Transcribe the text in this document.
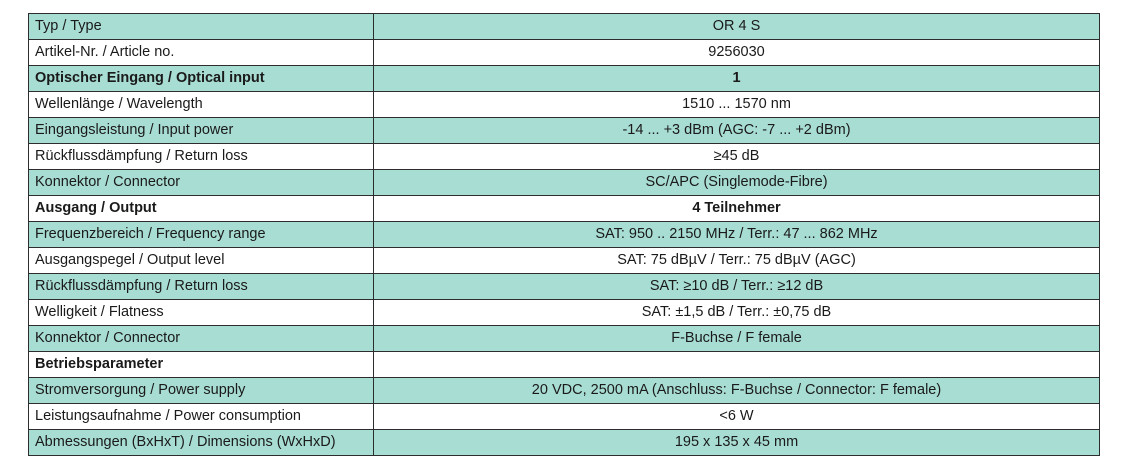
Typ / Type	OR 4 S
Artikel-Nr. / Article no.	9256030
Optischer Eingang / Optical input	1
Wellenlänge / Wavelength	1510 ... 1570 nm
Eingangsleistung / Input power	-14 ... +3 dBm (AGC: -7 ... +2 dBm)
Rückflussdämpfung / Return loss	≥45 dB
Konnektor / Connector	SC/APC (Singlemode-Fibre)
Ausgang / Output	4 Teilnehmer
Frequenzbereich / Frequency range	SAT: 950 .. 2150 MHz / Terr.: 47 ... 862 MHz
Ausgangspegel / Output level	SAT: 75 dBµV / Terr.: 75 dBµV (AGC)
Rückflussdämpfung / Return loss	SAT: ≥10 dB / Terr.: ≥12 dB
Welligkeit / Flatness	SAT: ±1,5 dB / Terr.: ±0,75 dB
Konnektor / Connector	F-Buchse / F female
Betriebsparameter	
Stromversorgung / Power supply	20 VDC, 2500 mA (Anschluss: F-Buchse / Connector: F female)
Leistungsaufnahme / Power consumption	<6 W
Abmessungen (BxHxT) / Dimensions (WxHxD)	195 x 135 x 45 mm
